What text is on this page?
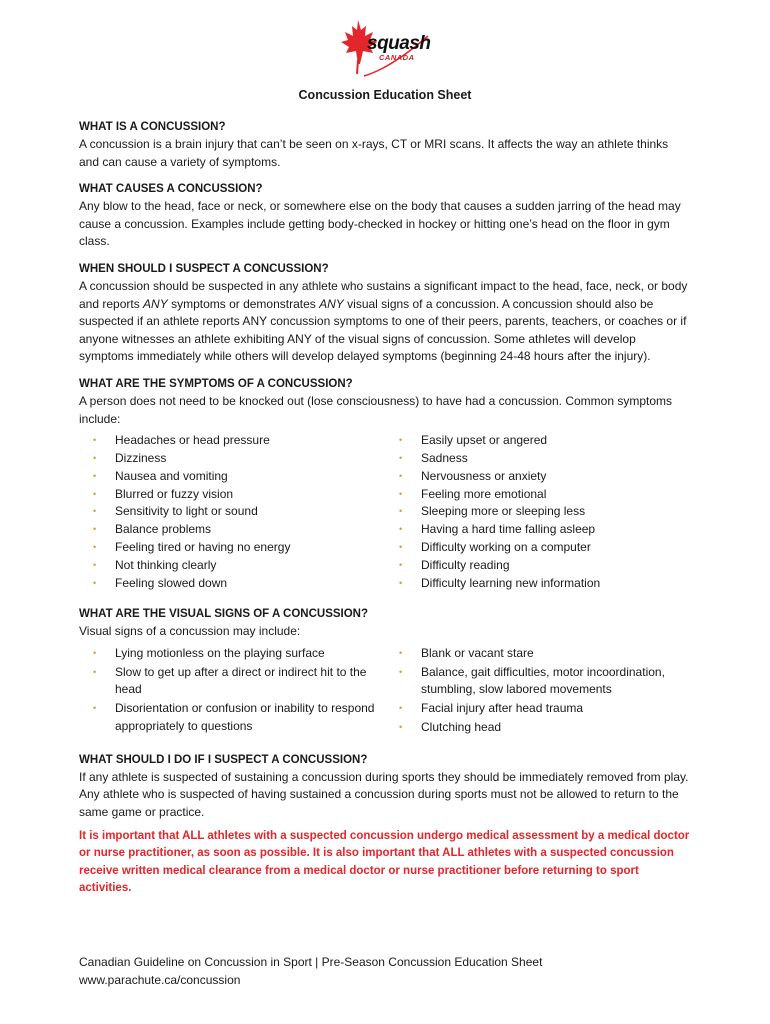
squash
CANADA
Concussion Education Sheet
WHAT IS A CONCUSSION?

A concussion is a brain injury that can’t be seen on x-rays, CT or MRI scans. It affects the way an athlete thinks and can cause a variety of symptoms.

WHAT CAUSES A CONCUSSION?

Any blow to the head, face or neck, or somewhere else on the body that causes a sudden jarring of the head may cause a concussion. Examples include getting body-checked in hockey or hitting one’s head on the floor in gym class.

WHEN SHOULD I SUSPECT A CONCUSSION?

A concussion should be suspected in any athlete who sustains a significant impact to the head, face, neck, or body and reports ANY symptoms or demonstrates ANY visual signs of a concussion. A concussion should also be suspected if an athlete reports ANY concussion symptoms to one of their peers, parents, teachers, or coaches or if anyone witnesses an athlete exhibiting ANY of the visual signs of concussion. Some athletes will develop symptoms immediately while others will develop delayed symptoms (beginning 24-48 hours after the injury).

WHAT ARE THE SYMPTOMS OF A CONCUSSION?

A person does not need to be knocked out (lose consciousness) to have had a concussion. Common symptoms include:

• Headaches or head pressure
• Dizziness
• Nausea and vomiting
• Blurred or fuzzy vision
• Sensitivity to light or sound
• Balance problems
• Feeling tired or having no energy
• Not thinking clearly
• Feeling slowed down
• Easily upset or angered
• Sadness
• Nervousness or anxiety
• Feeling more emotional
• Sleeping more or sleeping less
• Having a hard time falling asleep
• Difficulty working on a computer
• Difficulty reading
• Difficulty learning new information
WHAT ARE THE VISUAL SIGNS OF A CONCUSSION?

Visual signs of a concussion may include:

• Lying motionless on the playing surface
• Slow to get up after a direct or indirect hit to the head
• Disorientation or confusion or inability to respond appropriately to questions
• Blank or vacant stare
• Balance, gait difficulties, motor incoordination, stumbling, slow labored movements
• Facial injury after head trauma
• Clutching head
WHAT SHOULD I DO IF I SUSPECT A CONCUSSION?

If any athlete is suspected of sustaining a concussion during sports they should be immediately removed from play. Any athlete who is suspected of having sustained a concussion during sports must not be allowed to return to the same game or practice.

It is important that ALL athletes with a suspected concussion undergo medical assessment by a medical doctor or nurse practitioner, as soon as possible. It is also important that ALL athletes with a suspected concussion receive written medical clearance from a medical doctor or nurse practitioner before returning to sport activities.

Canadian Guideline on Concussion in Sport | Pre-Season Concussion Education Sheet
www.parachute.ca/concussion
